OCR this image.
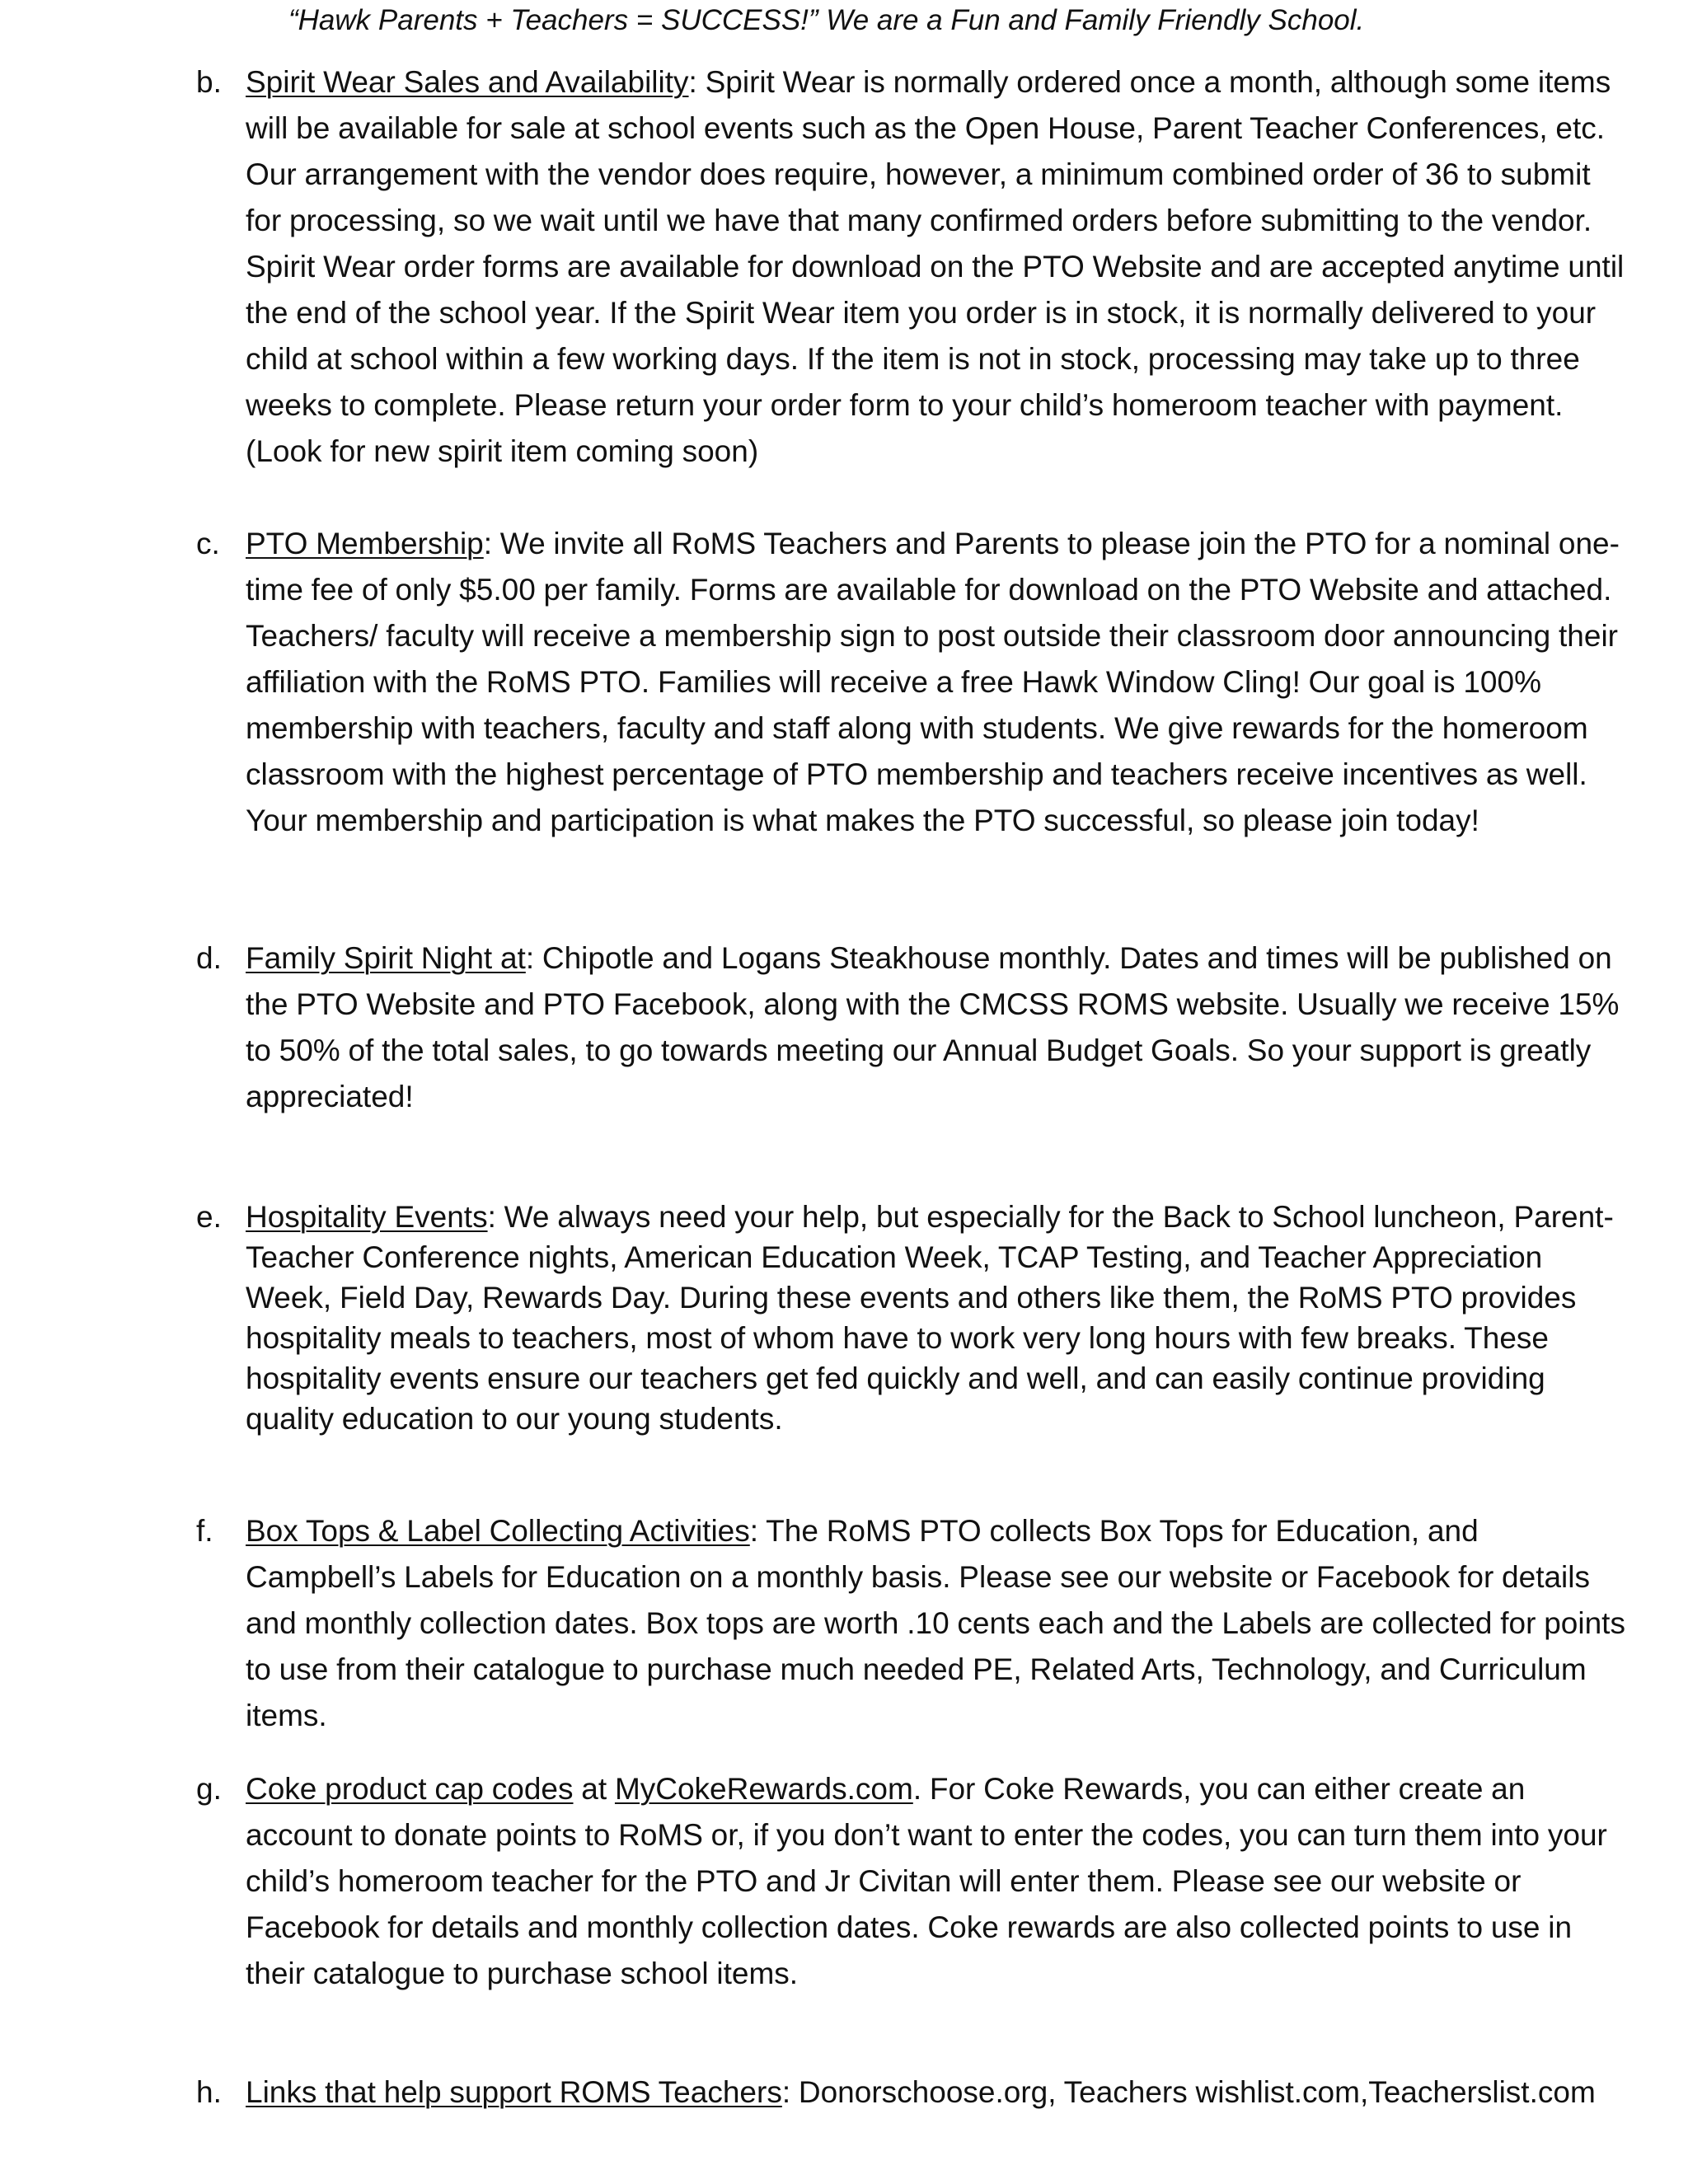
“Hawk Parents + Teachers = SUCCESS!” We are a Fun and Family Friendly School.
b. Spirit Wear Sales and Availability: Spirit Wear is normally ordered once a month, although some items will be available for sale at school events such as the Open House, Parent Teacher Conferences, etc. Our arrangement with the vendor does require, however, a minimum combined order of 36 to submit for processing, so we wait until we have that many confirmed orders before submitting to the vendor. Spirit Wear order forms are available for download on the PTO Website and are accepted anytime until the end of the school year. If the Spirit Wear item you order is in stock, it is normally delivered to your child at school within a few working days. If the item is not in stock, processing may take up to three weeks to complete. Please return your order form to your child’s homeroom teacher with payment. (Look for new spirit item coming soon)
c. PTO Membership: We invite all RoMS Teachers and Parents to please join the PTO for a nominal one-time fee of only $5.00 per family. Forms are available for download on the PTO Website and attached. Teachers/ faculty will receive a membership sign to post outside their classroom door announcing their affiliation with the RoMS PTO. Families will receive a free Hawk Window Cling! Our goal is 100% membership with teachers, faculty and staff along with students. We give rewards for the homeroom classroom with the highest percentage of PTO membership and teachers receive incentives as well. Your membership and participation is what makes the PTO successful, so please join today!
d. Family Spirit Night at: Chipotle and Logans Steakhouse monthly. Dates and times will be published on the PTO Website and PTO Facebook, along with the CMCSS ROMS website. Usually we receive 15% to 50% of the total sales, to go towards meeting our Annual Budget Goals. So your support is greatly appreciated!
e. Hospitality Events: We always need your help, but especially for the Back to School luncheon, Parent- Teacher Conference nights, American Education Week, TCAP Testing, and Teacher Appreciation Week, Field Day, Rewards Day. During these events and others like them, the RoMS PTO provides hospitality meals to teachers, most of whom have to work very long hours with few breaks. These hospitality events ensure our teachers get fed quickly and well, and can easily continue providing quality education to our young students.
f. Box Tops & Label Collecting Activities: The RoMS PTO collects Box Tops for Education, and Campbell’s Labels for Education on a monthly basis. Please see our website or Facebook for details and monthly collection dates. Box tops are worth .10 cents each and the Labels are collected for points to use from their catalogue to purchase much needed PE, Related Arts, Technology, and Curriculum items.
g. Coke product cap codes at MyCokeRewards.com. For Coke Rewards, you can either create an account to donate points to RoMS or, if you don’t want to enter the codes, you can turn them into your child’s homeroom teacher for the PTO and Jr Civitan will enter them. Please see our website or Facebook for details and monthly collection dates. Coke rewards are also collected points to use in their catalogue to purchase school items.
h. Links that help support ROMS Teachers: Donorschoose.org, Teachers wishlist.com,Teacherslist.com
